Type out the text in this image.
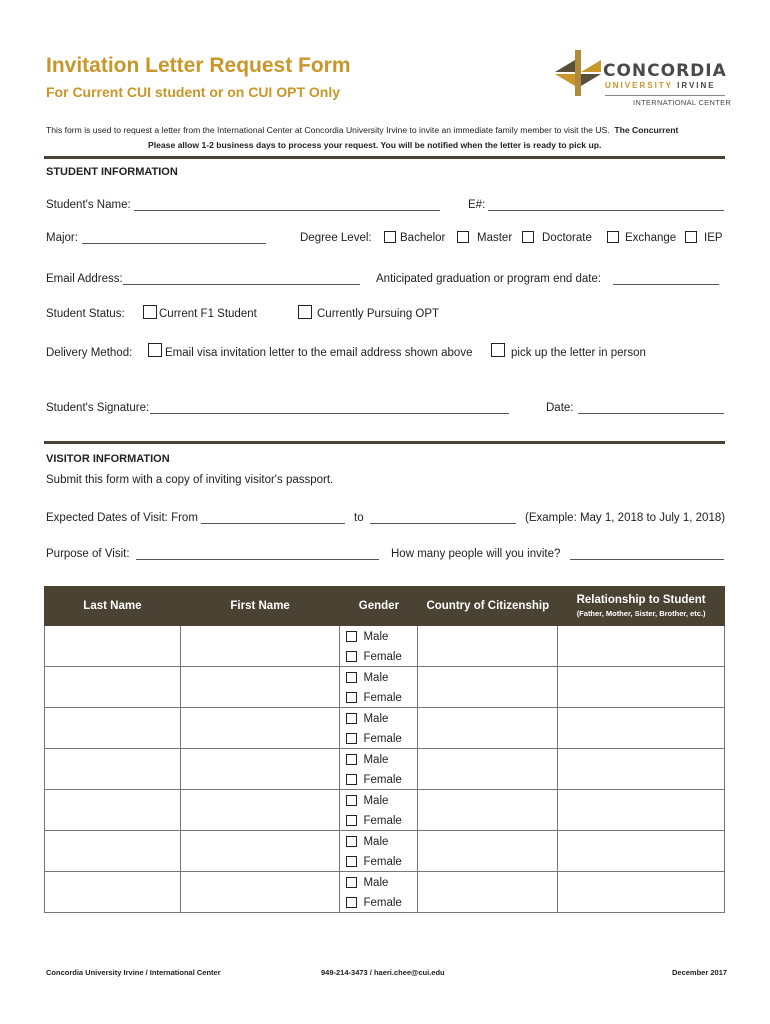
Invitation Letter Request Form
For Current CUI student or on CUI OPT Only
CONCORDIA
UNIVERSITY IRVINE
INTERNATIONAL CENTER
This form is used to request a letter from the International Center at Concordia University Irvine to invite an immediate family member to visit the US. The Concurrent
Please allow 1-2 business days to process your request. You will be notified when the letter is ready to pick up.
STUDENT INFORMATION
Student's Name:	E#:
Major:	Degree Level: Bachelor	Master	Doctorate	Exchange IEP
Email Address:	Anticipated graduation or program end date:
Student Status:	Current F1 Student	Currently Pursuing OPT
Delivery Method:	Email visa invitation letter to the email address shown above	pick up the letter in person
Student's Signature:	Date:
VISITOR INFORMATION
Submit this form with a copy of inviting visitor's passport.
Expected Dates of Visit: From	to	(Example: May 1, 2018 to July 1, 2018)
Purpose of Visit:	How many people will you invite?
Last Name	First Name	Gender	Country of Citizenship	Relationship to Student
(Father, Mother, Sister, Brother, etc.)

		Male
Female		

		Male
Female		

		Male
Female		

		Male
Female		

		Male
Female		

		Male
Female		

		Male
Female		

Concordia University Irvine / International Center	949-214-3473 / haeri.chee@cui.edu	December 2017
